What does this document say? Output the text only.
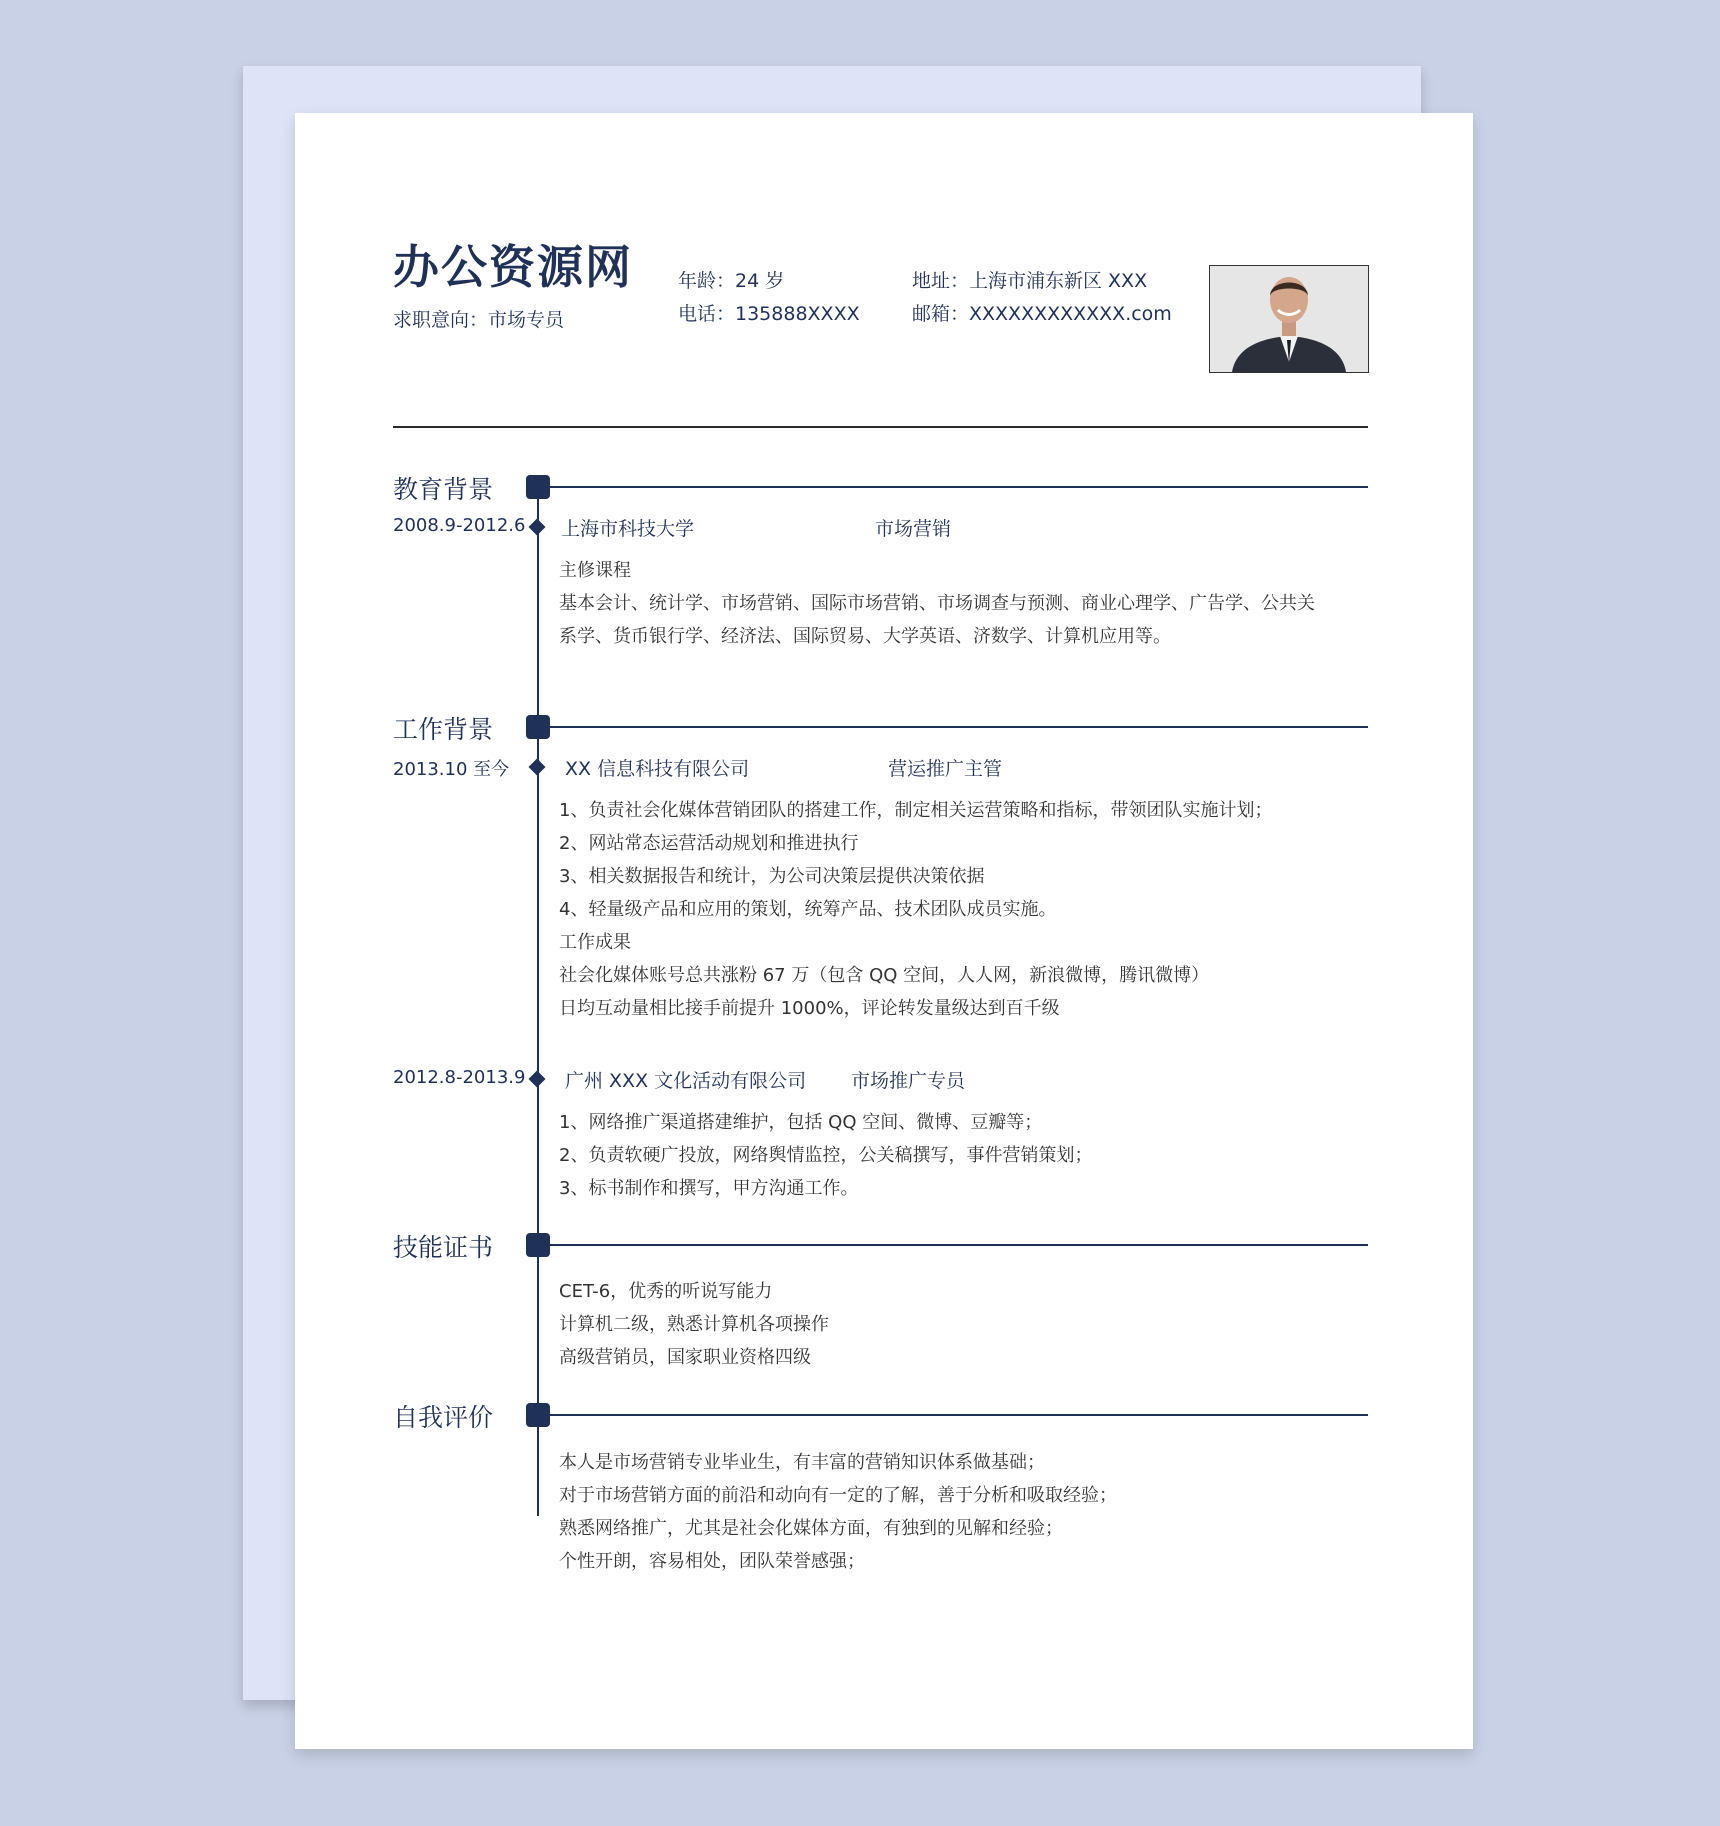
办公资源网
求职意向：市场专员
年龄：24 岁
电话：135888XXXX
地址：上海市浦东新区 XXX
邮箱：XXXXXXXXXXXX.com
教育背景
2008.9-2012.6 上海市科技大学	市场营销
主修课程
基本会计、统计学、市场营销、国际市场营销、市场调查与预测、商业心理学、广告学、公共关
系学、货币银行学、经济法、国际贸易、大学英语、济数学、计算机应用等。
工作背景
2013.10 至今	XX 信息科技有限公司	营运推广主管
1、负责社会化媒体营销团队的搭建工作，制定相关运营策略和指标，带领团队实施计划；
2、网站常态运营活动规划和推进执行
3、相关数据报告和统计，为公司决策层提供决策依据
4、轻量级产品和应用的策划，统筹产品、技术团队成员实施。
工作成果
社会化媒体账号总共涨粉 67 万（包含 QQ 空间，人人网，新浪微博，腾讯微博）
日均互动量相比接手前提升 1000%，评论转发量级达到百千级
2012.8-2013.9 广州 XXX 文化活动有限公司 市场推广专员
1、网络推广渠道搭建维护，包括 QQ 空间、微博、豆瓣等；
2、负责软硬广投放，网络舆情监控，公关稿撰写，事件营销策划；
3、标书制作和撰写，甲方沟通工作。
技能证书
CET-6，优秀的听说写能力
计算机二级，熟悉计算机各项操作
高级营销员，国家职业资格四级
自我评价
本人是市场营销专业毕业生，有丰富的营销知识体系做基础；
对于市场营销方面的前沿和动向有一定的了解，善于分析和吸取经验；
熟悉网络推广，尤其是社会化媒体方面，有独到的见解和经验；
个性开朗，容易相处，团队荣誉感强；
